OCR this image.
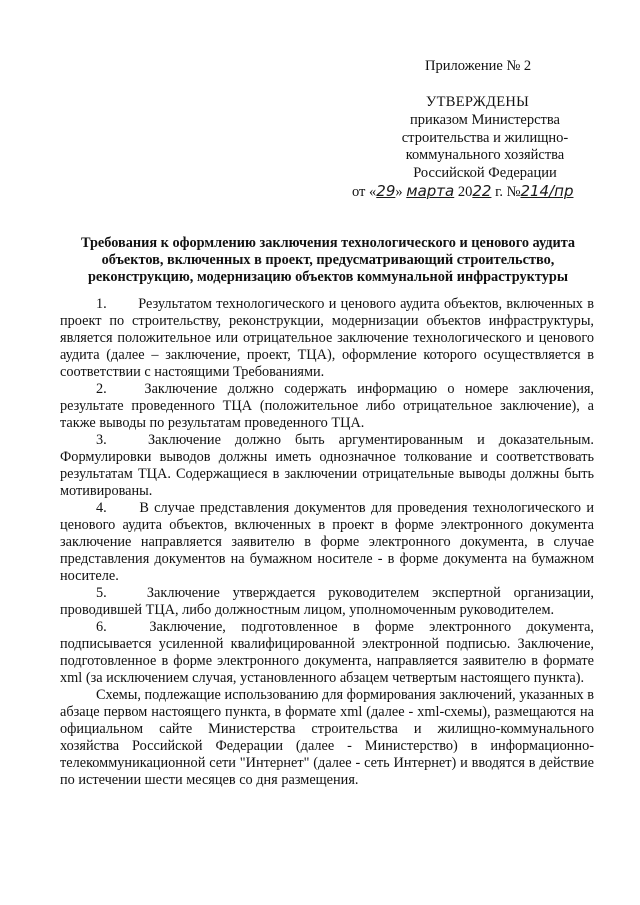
Приложение № 2
УТВЕРЖДЕНЫ
приказом Министерства
строительства и жилищно-
коммунального хозяйства
Российской Федерации
от «29» марта 2022 г. №214/пр
Требования к оформлению заключения технологического и ценового аудита
объектов, включенных в проект, предусматривающий строительство,
реконструкцию, модернизацию объектов коммунальной инфраструктуры

1. Результатом технологического и ценового аудита объектов, включенных в проект по строительству, реконструкции, модернизации объектов инфраструктуры, является положительное или отрицательное заключение технологического и ценового аудита (далее – заключение, проект, ТЦА), оформление которого осуществляется в соответствии с настоящими Требованиями.

2.	Заключение должно содержать информацию о номере заключения, результате проведенного ТЦА (положительное либо отрицательное заключение), а также выводы по результатам проведенного ТЦА.

3.	Заключение должно быть аргументированным и доказательным. Формулировки выводов должны иметь однозначное толкование и соответствовать результатам ТЦА. Содержащиеся в заключении отрицательные выводы должны быть мотивированы.

4. В случае представления документов для проведения технологического и ценового аудита объектов, включенных в проект в форме электронного документа заключение направляется заявителю в форме электронного документа, в случае представления документов на бумажном носителе - в форме документа на бумажном носителе.

5.	Заключение утверждается руководителем экспертной организации, проводившей ТЦА, либо должностным лицом, уполномоченным руководителем.

6.	Заключение, подготовленное в форме электронного документа, подписывается усиленной квалифицированной электронной подписью. Заключение, подготовленное в форме электронного документа, направляется заявителю в формате xml (за исключением случая, установленного абзацем четвертым настоящего пункта).

Схемы, подлежащие использованию для формирования заключений, указанных в абзаце первом настоящего пункта, в формате xml (далее - xml-схемы), размещаются на официальном сайте Министерства строительства и жилищно-коммунального хозяйства Российской Федерации (далее - Министерство) в информационно-телекоммуникационной сети "Интернет" (далее - сеть Интернет) и вводятся в действие по истечении шести месяцев со дня размещения.
